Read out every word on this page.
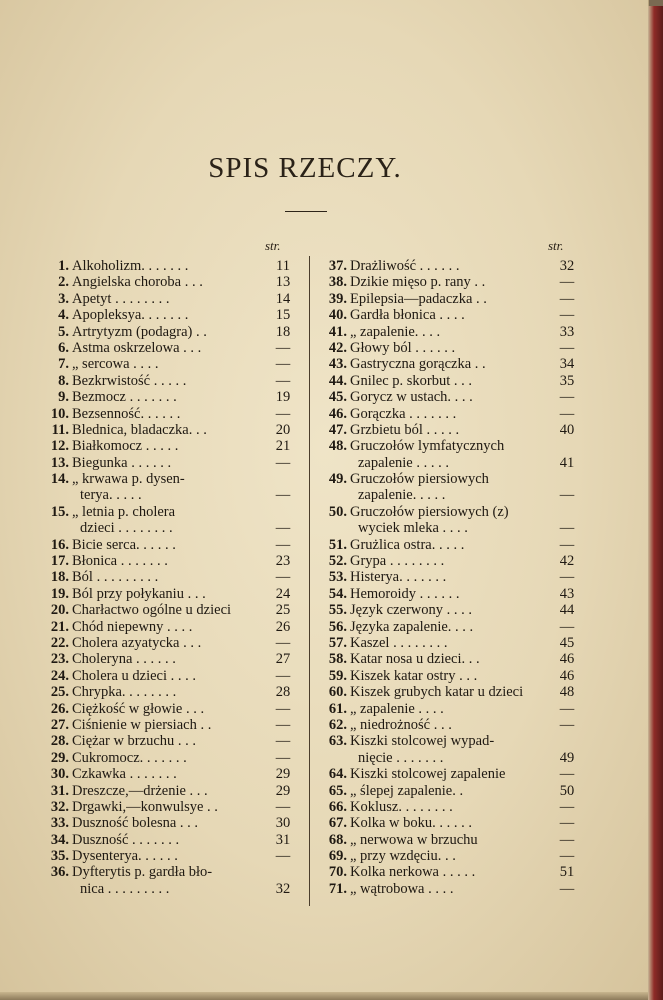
SPIS RZECZY.
str.	str.
1. Alkoholizm. . . . . . .	11
2. Angielska choroba . . .	13
3. Apetyt . . . . . . . .	14
4. Apopleksya. . . . . . .	15
5. Artrytyzm (podagra) . .	18
6. Astma oskrzelowa . . .	—
7. „ sercowa . . . .	—
8. Bezkrwistość . . . . .	—
9. Bezmocz . . . . . . .	19
10. Bezsenność. . . . . .	—
11. Blednica, bladaczka. . .	20
12. Białkomocz . . . . .	21
13. Biegunka . . . . . .	—
14. „ krwawa p. dysen-
terya. . . . .	—
15. „ letnia p. cholera
dzieci . . . . . . . .	—
16. Bicie serca. . . . . .	—
17. Błonica . . . . . . .	23
18. Ból . . . . . . . . .	—
19. Ból przy połykaniu . . .	24
20. Charłactwo ogólne u dzieci	25
21. Chód niepewny . . . .	26
22. Cholera azyatycka . . .	—
23. Choleryna . . . . . .	27
24. Cholera u dzieci . . . .	—
25. Chrypka. . . . . . . .	28
26. Ciężkość w głowie . . .	—
27. Ciśnienie w piersiach . .	—
28. Ciężar w brzuchu . . .	—
29. Cukromocz. . . . . . .	—
30. Czkawka . . . . . . .	29
31. Dreszcze,—drżenie . . .	29
32. Drgawki,—konwulsye . .	—
33. Duszność bolesna . . .	30
34. Duszność . . . . . . .	31
35. Dysenterya. . . . . .	—
36. Dyfterytis p. gardła bło-
nica . . . . . . . . .	32
37. Drażliwość . . . . . .	32
38. Dzikie mięso p. rany . .	—
39. Epilepsia—padaczka . .	—
40. Gardła błonica . . . .	—
41. „ zapalenie. . . .	33
42. Głowy ból . . . . . .	—
43. Gastryczna gorączka . .	34
44. Gnilec p. skorbut . . .	35
45. Gorycz w ustach. . . .	—
46. Gorączka . . . . . . .	—
47. Grzbietu ból . . . . .	40
48. Gruczołów lymfatycznych
zapalenie . . . . .	41
49. Gruczołów piersiowych
zapalenie. . . . .	—
50. Gruczołów piersiowych (z)
wyciek mleka . . . .	—
51. Grużlica ostra. . . . .	—
52. Grypa . . . . . . . .	42
53. Histerya. . . . . . .	—
54. Hemoroidy . . . . . .	43
55. Język czerwony . . . .	44
56. Języka zapalenie. . . .	—
57. Kaszel . . . . . . . .	45
58. Katar nosa u dzieci. . .	46
59. Kiszek katar ostry . . .	46
60. Kiszek grubych katar u dzieci	48
61. „ zapalenie . . . .	—
62. „ niedrożność . . .	—
63. Kiszki stolcowej wypad-
nięcie . . . . . . .	49
64. Kiszki stolcowej zapalenie	—
65. „ ślepej zapalenie. .	50
66. Koklusz. . . . . . . .	—
67. Kolka w boku. . . . . .	—
68. „ nerwowa w brzuchu	—
69. „ przy wzdęciu. . .	—
70. Kolka nerkowa . . . . .	51
71. „ wątrobowa . . . .	—
